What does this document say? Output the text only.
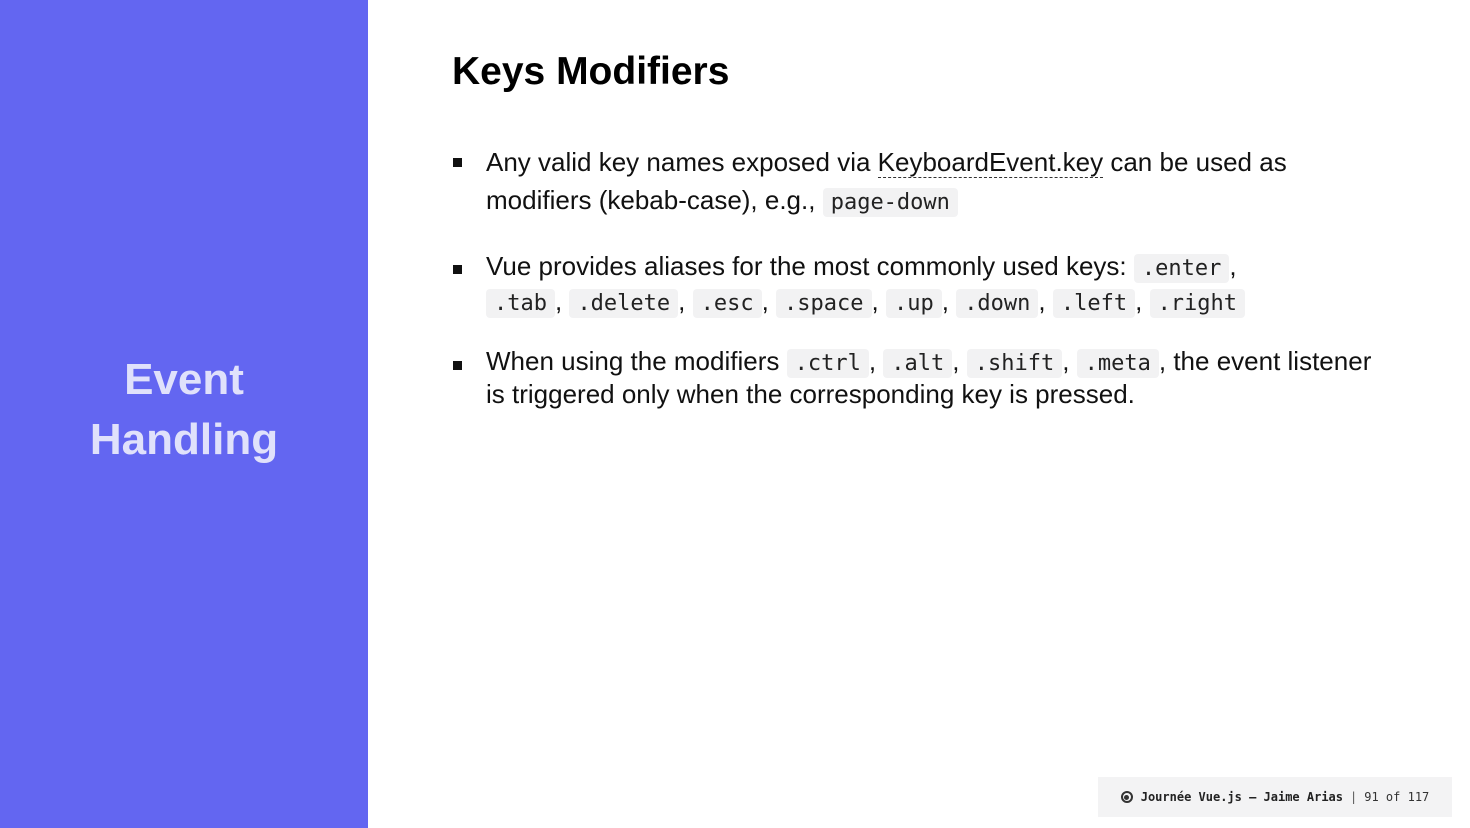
Event Handling
Keys Modifiers
Any valid key names exposed via KeyboardEvent.key can be used as modifiers (kebab-case), e.g., page-down
Vue provides aliases for the most commonly used keys: .enter ,
.tab , .delete , .esc , .space , .up , .down , .left , .right
When using the modifiers .ctrl , .alt , .shift , .meta , the event listener is triggered only when the corresponding key is pressed.
Journée Vue.js — Jaime Arias | 91 of 117
